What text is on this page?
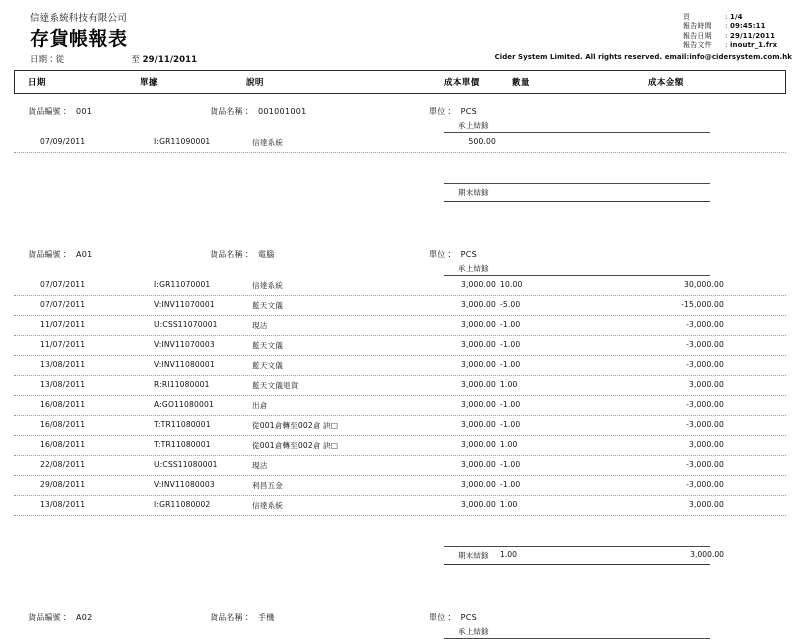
信達系統科技有限公司
存貨帳報表
日期：從	至 29/11/2011
頁	: 1/4
報告時間 : 09:45:11
報告日期 : 29/11/2011
報告文件 : inoutr_1.frx
Cider System Limited. All rights reserved. email:info@cidersystem.com.hk
日期	單據	說明	成本單價	數量	成本金額
貨品編號： 001	貨品名稱： 001001001	單位： PCS
承上結餘
07/09/2011	I:GR11090001	信達系統	500.00
期末結餘
貨品編號： A01	貨品名稱： 電腦	單位： PCS
承上結餘
07/07/2011	I:GR11070001	信達系統	3,000.00 10.00	30,000.00
07/07/2011	V:INV11070001	藍天文儀	3,000.00 -5.00	-15,000.00
11/07/2011	U:CSS11070001	現沽	3,000.00 -1.00	-3,000.00
11/07/2011	V:INV11070003	藍天文儀	3,000.00 -1.00	-3,000.00
13/08/2011	V:INV11080001	藍天文儀	3,000.00 -1.00	-3,000.00
13/08/2011	R:RI11080001	藍天文儀退貨	3,000.00 1.00	3,000.00
16/08/2011	A:GO11080001	出倉	3,000.00 -1.00	-3,000.00
16/08/2011	T:TR11080001	從001倉轉至002倉 訣□	3,000.00 -1.00	-3,000.00
16/08/2011	T:TR11080001	從001倉轉至002倉 訣□	3,000.00 1.00	3,000.00
22/08/2011	U:CSS11080001	現沽	3,000.00 -1.00	-3,000.00
29/08/2011	V:INV11080003	利昌五金	3,000.00 -1.00	-3,000.00
13/08/2011	I:GR11080002	信達系統	3,000.00 1.00	3,000.00
期末結餘 1.00	3,000.00
貨品編號： A02	貨品名稱： 手機	單位： PCS
承上結餘
